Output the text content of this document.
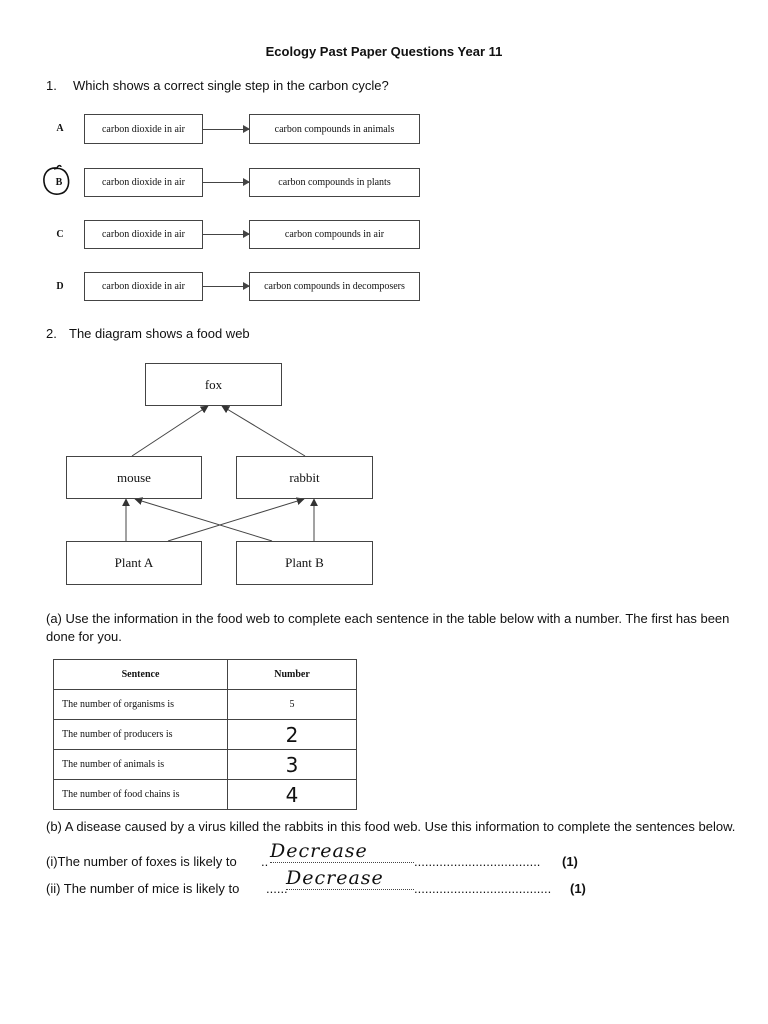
Ecology Past Paper Questions Year 11
1. Which shows a correct single step in the carbon cycle?
A	carbon dioxide in air	carbon compounds in animals
B	carbon dioxide in air	carbon compounds in plants
C	carbon dioxide in air	carbon compounds in air
D	carbon dioxide in air	carbon compounds in decomposers
2. The diagram shows a food web
fox
mouse	rabbit
Plant A	Plant B
(a) Use the information in the food web to complete each sentence in the table below with a number. The first has been done for you.
Sentence	Number
The number of organisms is	5
The number of producers is	2
The number of animals is	3
The number of food chains is	4
(b) A disease caused by a virus killed the rabbits in this food web. Use this information to complete the sentences below.
(i)The number of foxes is likely to .. Decrease	................................... (1)
(ii) The number of mice is likely to ......
Decrease	...................................... (1)
